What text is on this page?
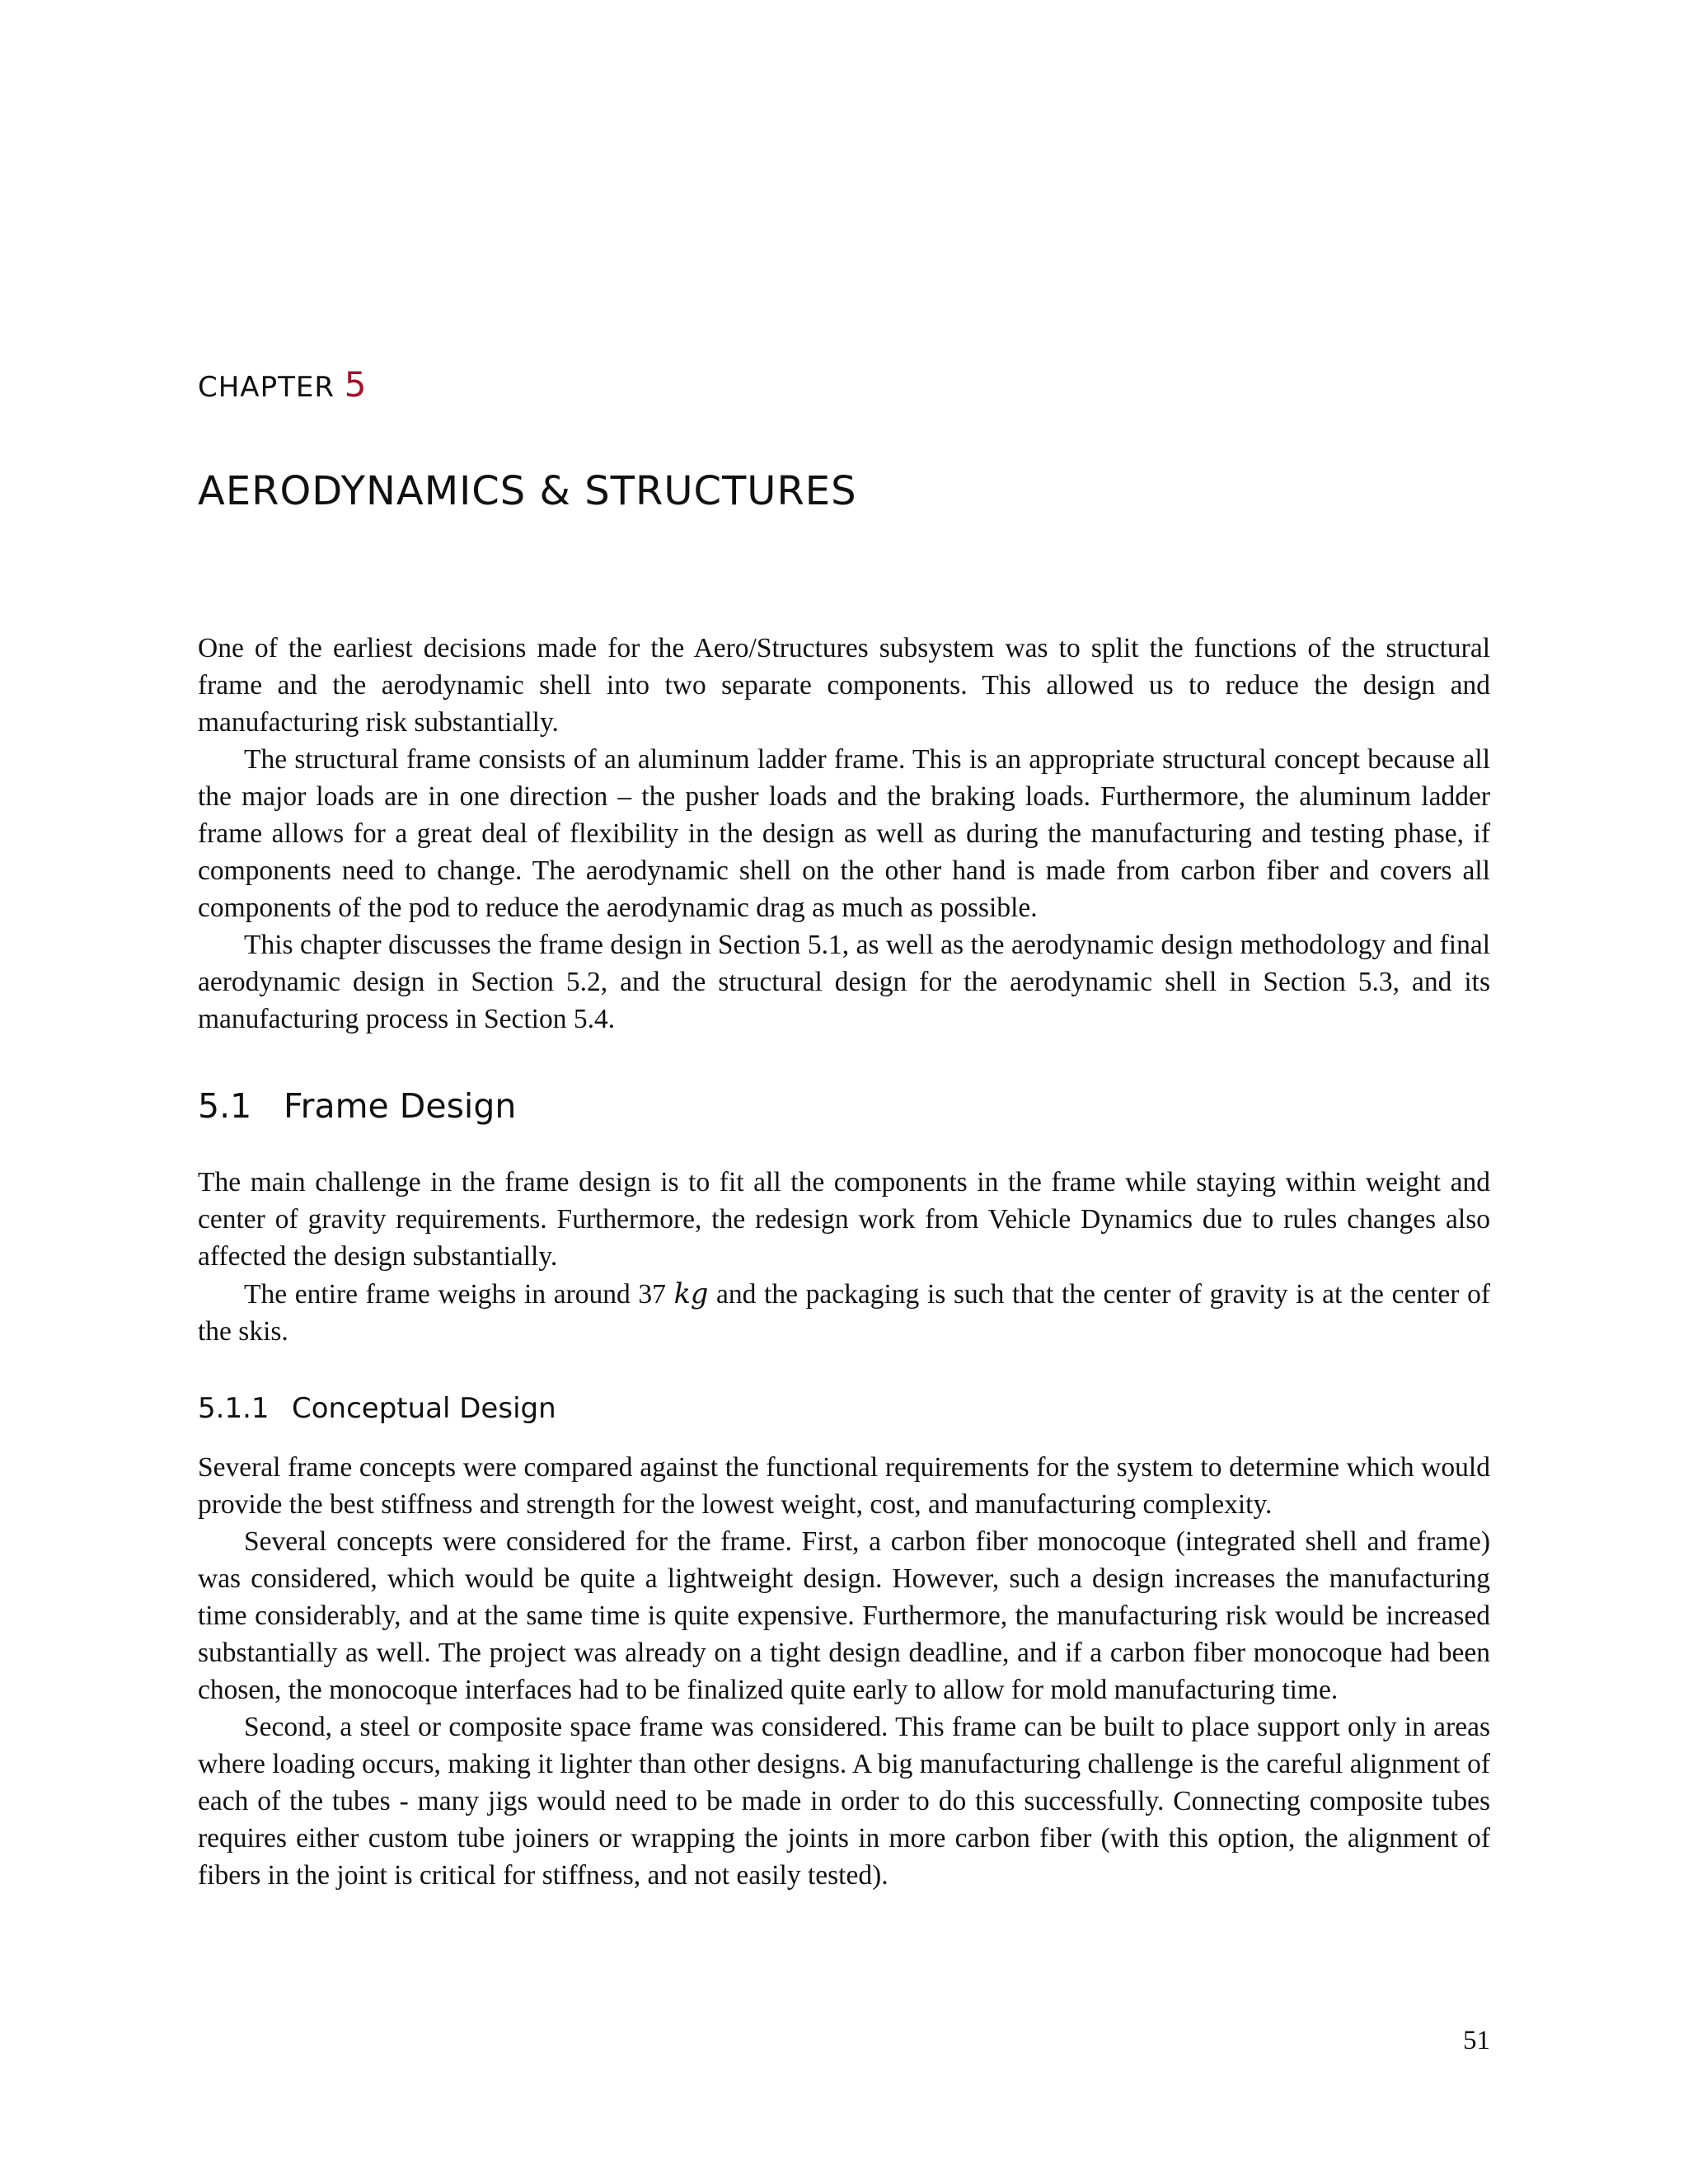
CHAPTER 5

AERODYNAMICS & STRUCTURES

One of the earliest decisions made for the Aero/Structures subsystem was to split the functions of the structural frame and the aerodynamic shell into two separate components. This allowed us to reduce the design and manufacturing risk substantially.

The structural frame consists of an aluminum ladder frame. This is an appropriate structural concept because all the major loads are in one direction – the pusher loads and the braking loads. Furthermore, the aluminum ladder frame allows for a great deal of flexibility in the design as well as during the manufacturing and testing phase, if components need to change. The aerodynamic shell on the other hand is made from carbon fiber and covers all components of the pod to reduce the aerodynamic drag as much as possible.

This chapter discusses the frame design in Section 5.1, as well as the aerodynamic design methodology and final aerodynamic design in Section 5.2, and the structural design for the aerodynamic shell in Section 5.3, and its manufacturing process in Section 5.4.

5.1 Frame Design

The main challenge in the frame design is to fit all the components in the frame while staying within weight and center of gravity requirements. Furthermore, the redesign work from Vehicle Dynamics due to rules changes also affected the design substantially.

The entire frame weighs in around 37 kg and the packaging is such that the center of gravity is at the center of the skis.

5.1.1 Conceptual Design

Several frame concepts were compared against the functional requirements for the system to determine which would provide the best stiffness and strength for the lowest weight, cost, and manufacturing complexity.

Several concepts were considered for the frame. First, a carbon fiber monocoque (integrated shell and frame) was considered, which would be quite a lightweight design. However, such a design increases the manufacturing time considerably, and at the same time is quite expensive. Furthermore, the manufacturing risk would be increased substantially as well. The project was already on a tight design deadline, and if a carbon fiber monocoque had been chosen, the monocoque interfaces had to be finalized quite early to allow for mold manufacturing time.

Second, a steel or composite space frame was considered. This frame can be built to place support only in areas where loading occurs, making it lighter than other designs. A big manufacturing challenge is the careful alignment of each of the tubes - many jigs would need to be made in order to do this successfully. Connecting composite tubes requires either custom tube joiners or wrapping the joints in more carbon fiber (with this option, the alignment of fibers in the joint is critical for stiffness, and not easily tested).

51
